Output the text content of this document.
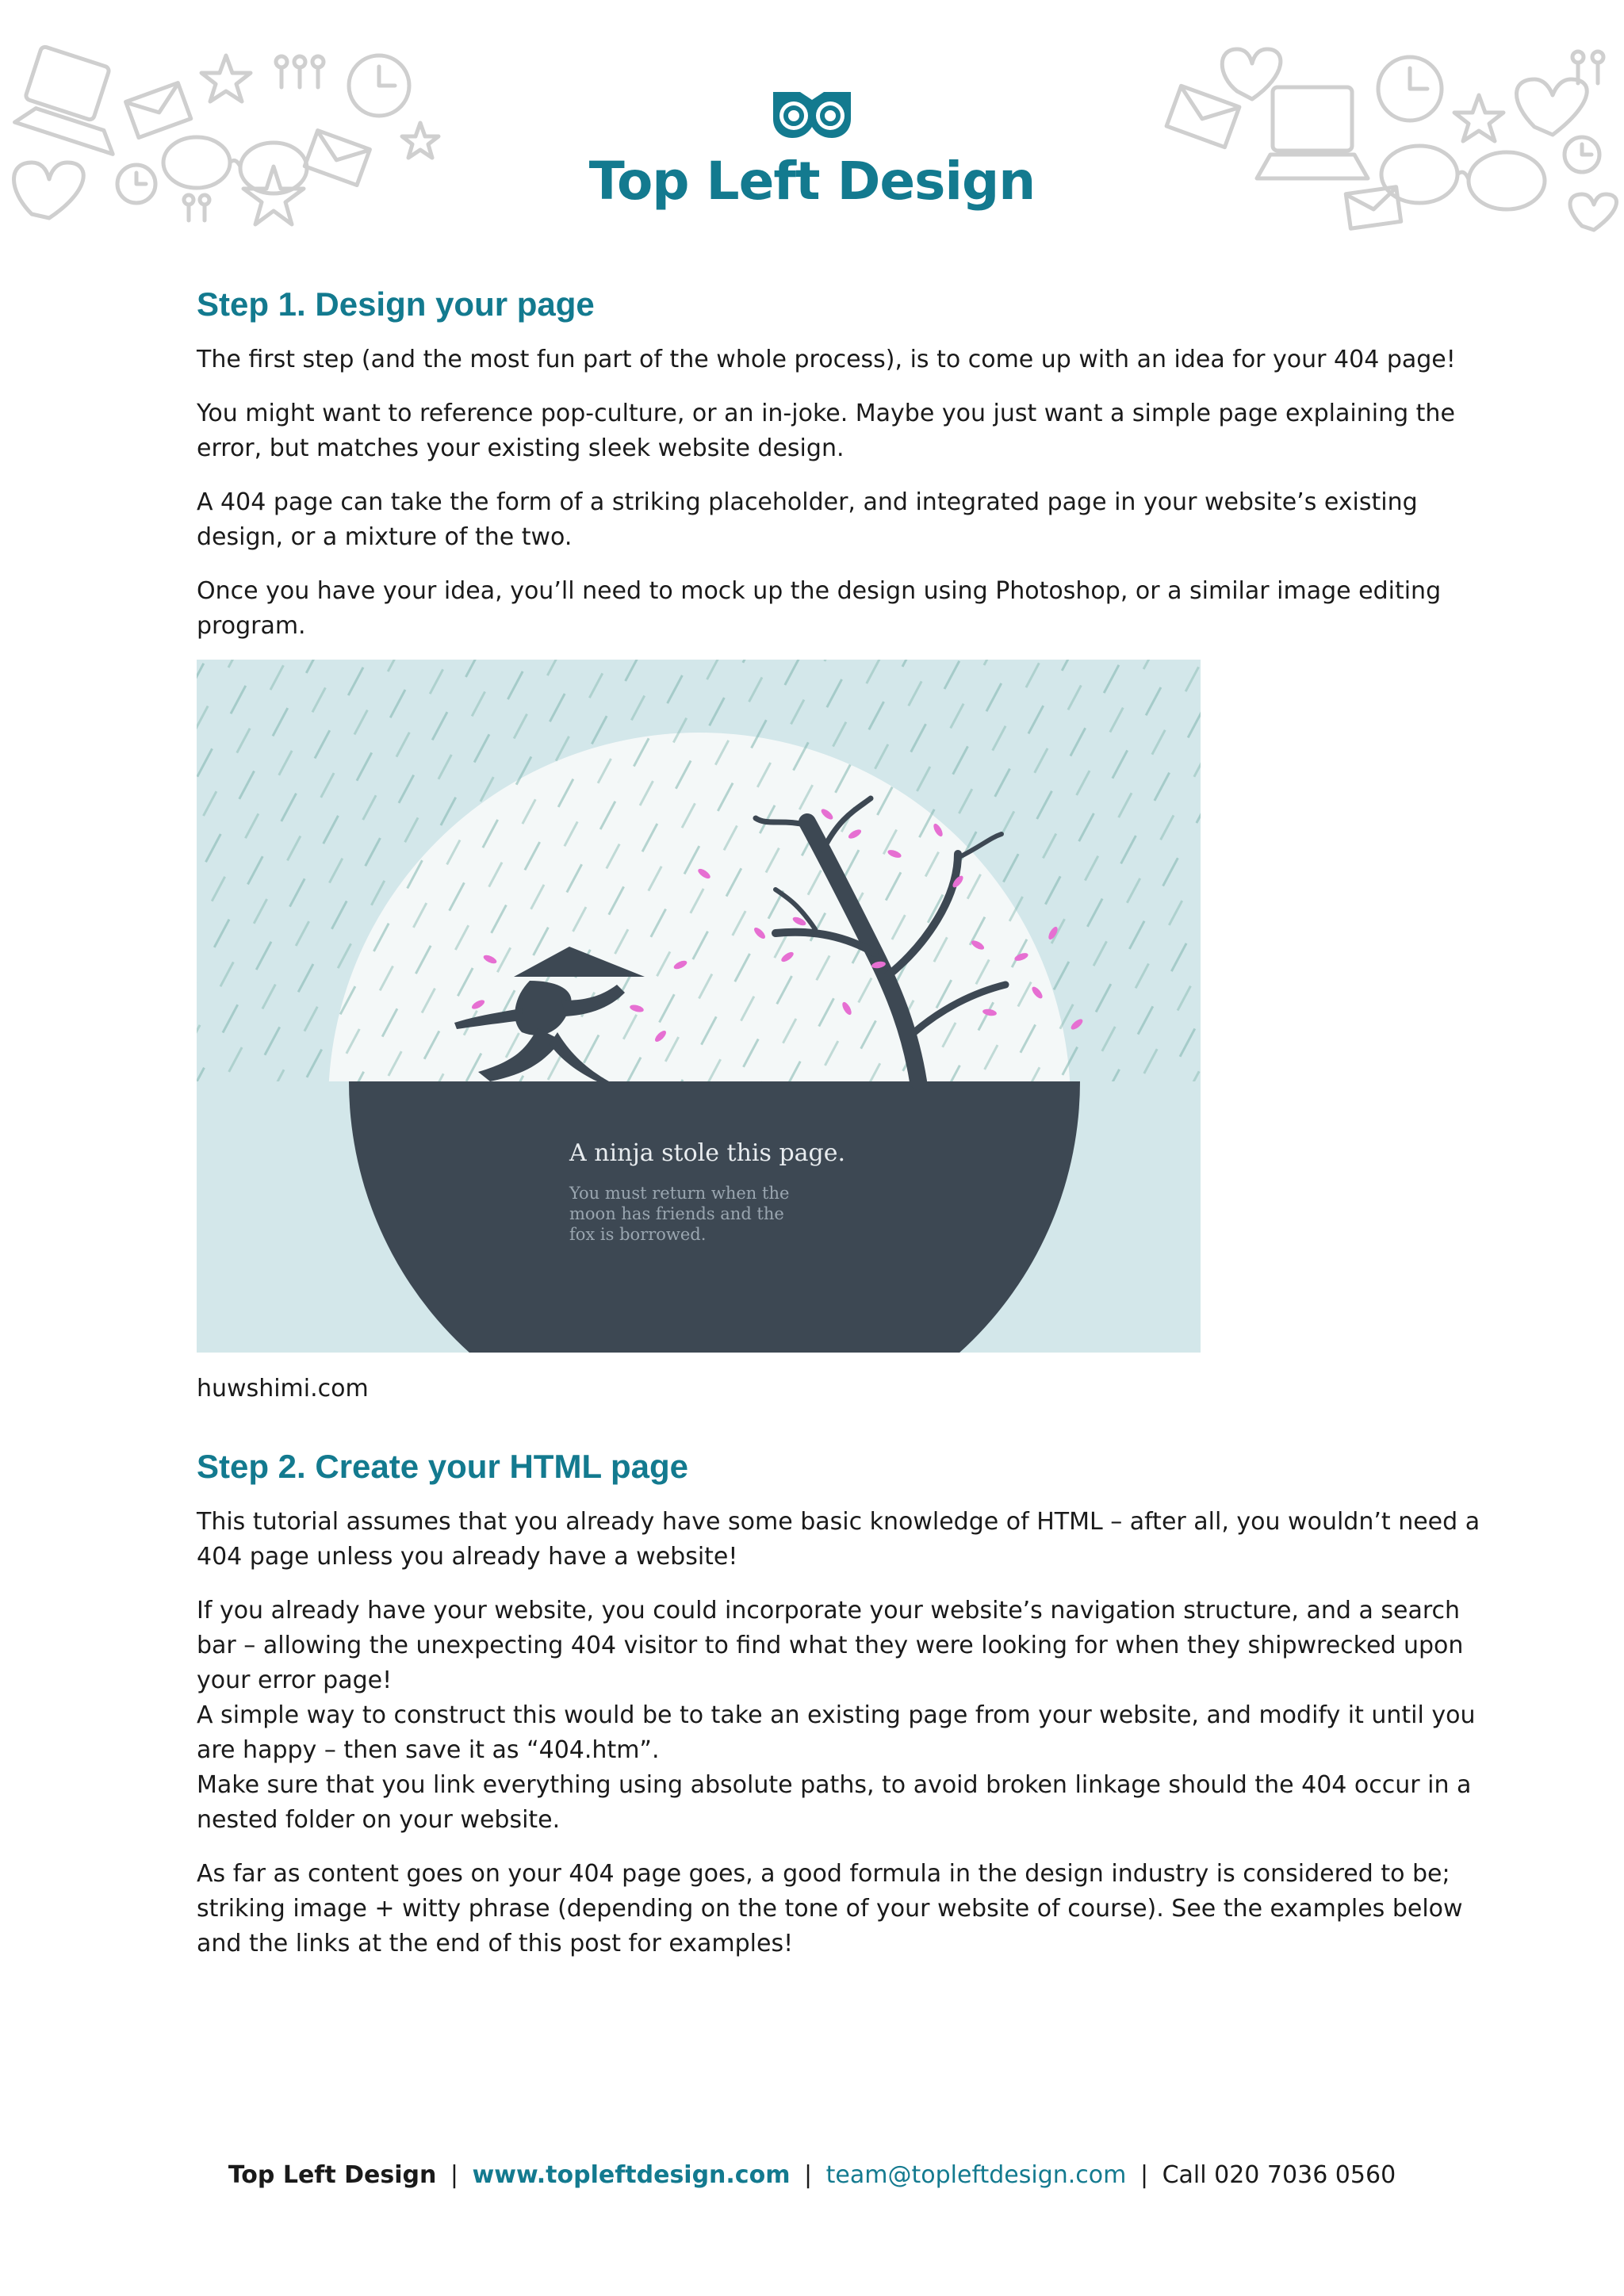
Top Left Design
Step 1. Design your page

The first step (and the most fun part of the whole process), is to come up with an idea for your 404 page!

You might want to reference pop-culture, or an in-joke. Maybe you just want a simple page explaining the error, but matches your existing sleek website design.

A 404 page can take the form of a striking placeholder, and integrated page in your website’s existing design, or a mixture of the two.

Once you have your idea, you’ll need to mock up the design using Photoshop, or a similar image editing program.

A ninja stole this page.
You must return when the
moon has friends and the
fox is borrowed.

huwshimi.com

Step 2. Create your HTML page

This tutorial assumes that you already have some basic knowledge of HTML – after all, you wouldn’t need a 404 page unless you already have a website!

If you already have your website, you could incorporate your website’s navigation structure, and a search bar – allowing the unexpecting 404 visitor to find what they were looking for when they shipwrecked upon your error page!

A simple way to construct this would be to take an existing page from your website, and modify it until you are happy – then save it as “404.htm”.

Make sure that you link everything using absolute paths, to avoid broken linkage should the 404 occur in a nested folder on your website.

As far as content goes on your 404 page goes, a good formula in the design industry is considered to be; striking image + witty phrase (depending on the tone of your website of course). See the examples below and the links at the end of this post for examples!

Top Left Design | www.topleftdesign.com | team@topleftdesign.com | Call 020 7036 0560
